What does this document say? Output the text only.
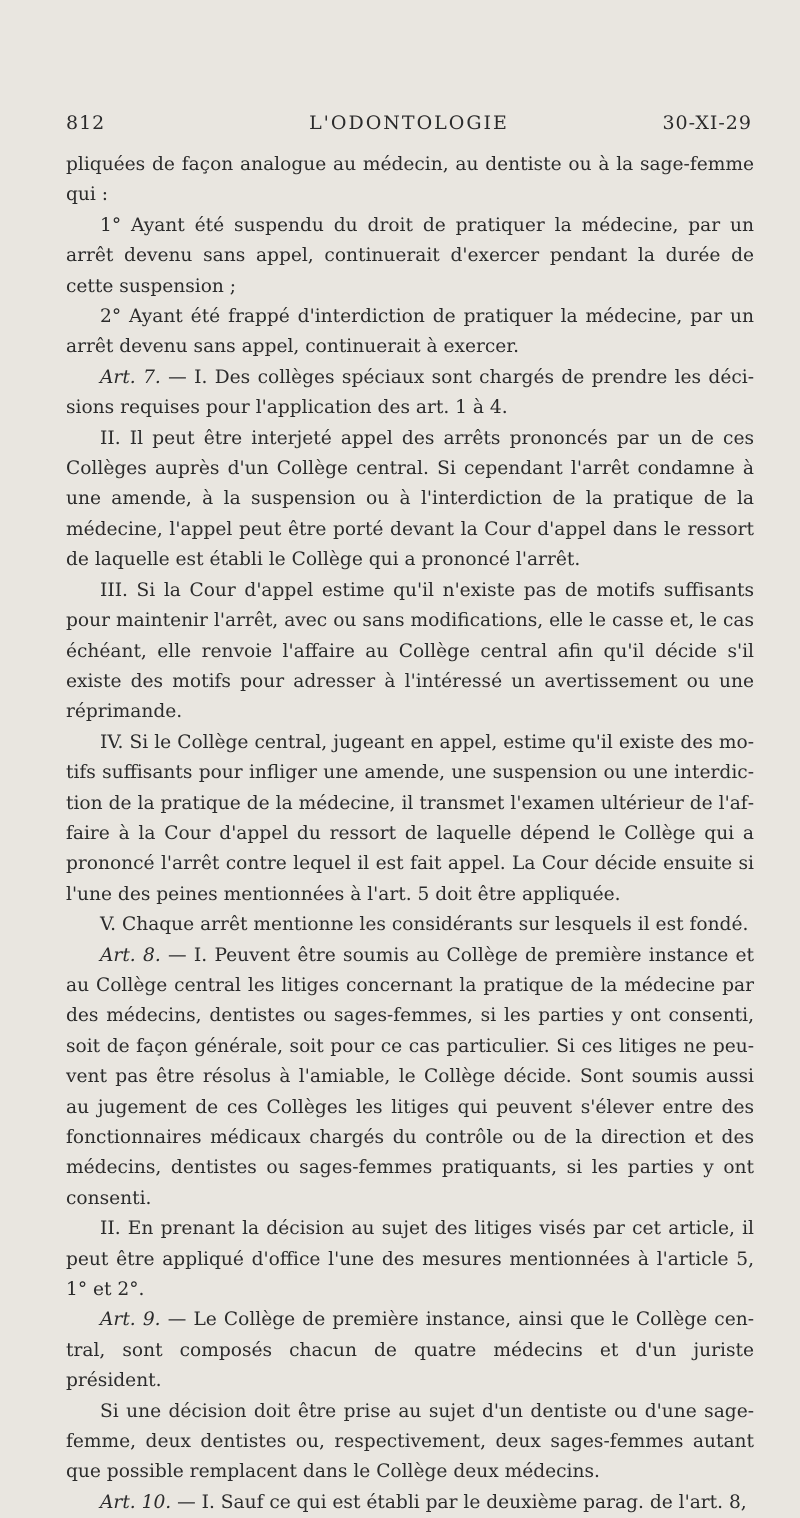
812	L'ODONTOLOGIE	30-XI-29

pliquées de façon analogue au médecin, au dentiste ou à la sage-femme qui :

1° Ayant été suspendu du droit de pratiquer la médecine, par un arrêt devenu sans appel, continuerait d'exercer pendant la durée de cette suspension ;

2° Ayant été frappé d'interdiction de pratiquer la médecine, par un arrêt devenu sans appel, continuerait à exercer.

Art. 7. — I. Des collèges spéciaux sont chargés de prendre les décisions requises pour l'application des art. 1 à 4.

II. Il peut être interjeté appel des arrêts prononcés par un de ces Collèges auprès d'un Collège central. Si cependant l'arrêt condamne à une amende, à la suspension ou à l'interdiction de la pratique de la médecine, l'appel peut être porté devant la Cour d'appel dans le ressort de laquelle est établi le Collège qui a prononcé l'arrêt.

III. Si la Cour d'appel estime qu'il n'existe pas de motifs suffisants pour maintenir l'arrêt, avec ou sans modifications, elle le casse et, le cas échéant, elle renvoie l'affaire au Collège central afin qu'il décide s'il existe des motifs pour adresser à l'intéressé un avertissement ou une réprimande.

IV. Si le Collège central, jugeant en appel, estime qu'il existe des motifs suffisants pour infliger une amende, une suspension ou une interdiction de la pratique de la médecine, il transmet l'examen ultérieur de l'affaire à la Cour d'appel du ressort de laquelle dépend le Collège qui a prononcé l'arrêt contre lequel il est fait appel. La Cour décide ensuite si l'une des peines mentionnées à l'art. 5 doit être appliquée.

V. Chaque arrêt mentionne les considérants sur lesquels il est fondé.

Art. 8. — I. Peuvent être soumis au Collège de première instance et au Collège central les litiges concernant la pratique de la médecine par des médecins, dentistes ou sages-femmes, si les parties y ont consenti, soit de façon générale, soit pour ce cas particulier. Si ces litiges ne peuvent pas être résolus à l'amiable, le Collège décide. Sont soumis aussi au jugement de ces Collèges les litiges qui peuvent s'élever entre des fonctionnaires médicaux chargés du contrôle ou de la direction et des médecins, dentistes ou sages-femmes pratiquants, si les parties y ont consenti.

II. En prenant la décision au sujet des litiges visés par cet article, il peut être appliqué d'office l'une des mesures mentionnées à l'article 5, 1° et 2°.

Art. 9. — Le Collège de première instance, ainsi que le Collège central, sont composés chacun de quatre médecins et d'un juriste président.

Si une décision doit être prise au sujet d'un dentiste ou d'une sage-femme, deux dentistes ou, respectivement, deux sages-femmes autant que possible remplacent dans le Collège deux médecins.

Art. 10. — I. Sauf ce qui est établi par le deuxième parag. de l'art. 8,
